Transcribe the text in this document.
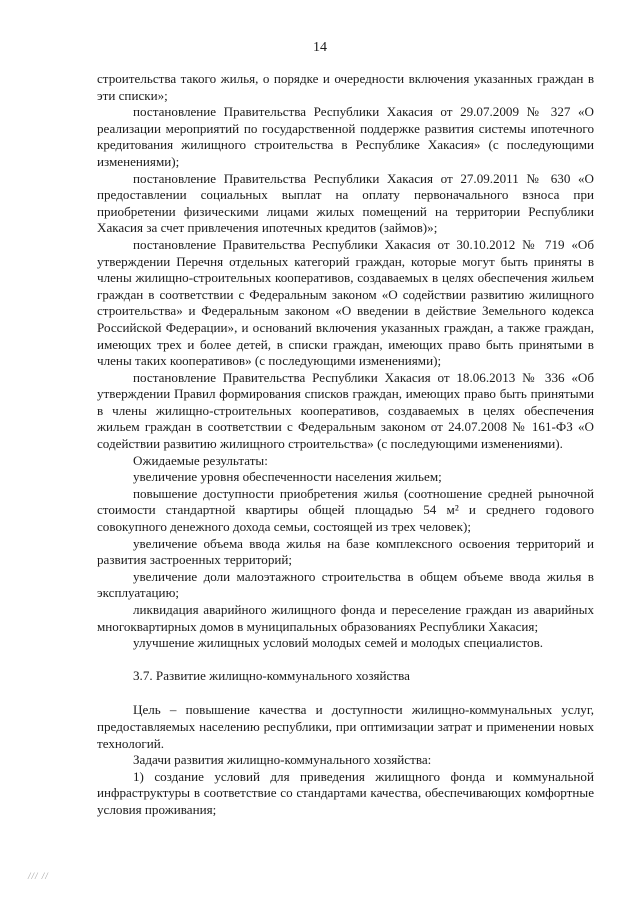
14

строительства такого жилья, о порядке и очередности включения указанных граждан в эти списки»;

постановление Правительства Республики Хакасия от 29.07.2009 № 327 «О реализации мероприятий по государственной поддержке развития системы ипотечного кредитования жилищного строительства в Республике Хакасия» (с последующими изменениями);

постановление Правительства Республики Хакасия от 27.09.2011 № 630 «О предоставлении социальных выплат на оплату первоначального взноса при приобретении физическими лицами жилых помещений на территории Республики Хакасия за счет привлечения ипотечных кредитов (займов)»;

постановление Правительства Республики Хакасия от 30.10.2012 № 719 «Об утверждении Перечня отдельных категорий граждан, которые могут быть приняты в члены жилищно-строительных кооперативов, создаваемых в целях обеспечения жильем граждан в соответствии с Федеральным законом «О содействии развитию жилищного строительства» и Федеральным законом «О введении в действие Земельного кодекса Российской Федерации», и оснований включения указанных граждан, а также граждан, имеющих трех и более детей, в списки граждан, имеющих право быть принятыми в члены таких кооперативов» (с последующими изменениями);

постановление Правительства Республики Хакасия от 18.06.2013 № 336 «Об утверждении Правил формирования списков граждан, имеющих право быть принятыми в члены жилищно-строительных кооперативов, создаваемых в целях обеспечения жильем граждан в соответствии с Федеральным законом от 24.07.2008 № 161-ФЗ «О содействии развитию жилищного строительства» (с последующими изменениями).

Ожидаемые результаты:

увеличение уровня обеспеченности населения жильем;

повышение доступности приобретения жилья (соотношение средней рыночной стоимости стандартной квартиры общей площадью 54 м² и среднего годового совокупного денежного дохода семьи, состоящей из трех человек);

увеличение объема ввода жилья на базе комплексного освоения территорий и развития застроенных территорий;

увеличение доли малоэтажного строительства в общем объеме ввода жилья в эксплуатацию;

ликвидация аварийного жилищного фонда и переселение граждан из аварийных многоквартирных домов в муниципальных образованиях Республики Хакасия;

улучшение жилищных условий молодых семей и молодых специалистов.

3.7. Развитие жилищно-коммунального хозяйства

Цель – повышение качества и доступности жилищно-коммунальных услуг, предоставляемых населению республики, при оптимизации затрат и применении новых технологий.

Задачи развития жилищно-коммунального хозяйства:

1) создание условий для приведения жилищного фонда и коммунальной инфраструктуры в соответствие со стандартами качества, обеспечивающих комфортные условия проживания;

/// //
